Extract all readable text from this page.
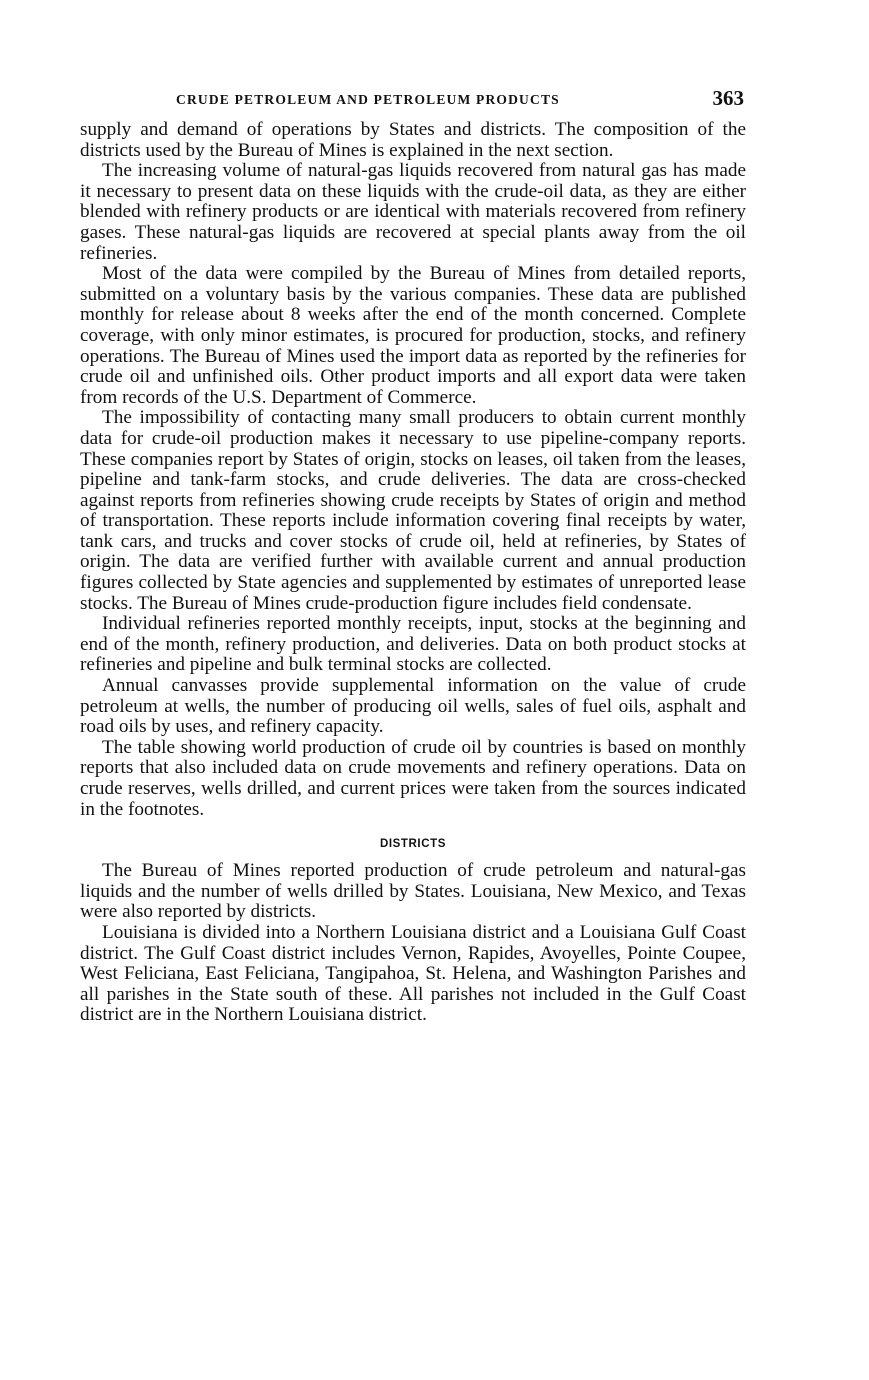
CRUDE PETROLEUM AND PETROLEUM PRODUCTS	363

supply and demand of operations by States and districts. The composition of the districts used by the Bureau of Mines is explained in the next section.

The increasing volume of natural-gas liquids recovered from natural gas has made it necessary to present data on these liquids with the crude-oil data, as they are either blended with refinery products or are identical with materials recovered from refinery gases. These natural-gas liquids are recovered at special plants away from the oil refineries.

Most of the data were compiled by the Bureau of Mines from detailed reports, submitted on a voluntary basis by the various companies. These data are published monthly for release about 8 weeks after the end of the month concerned. Complete coverage, with only minor estimates, is procured for production, stocks, and refinery operations. The Bureau of Mines used the import data as reported by the refineries for crude oil and unfinished oils. Other product imports and all export data were taken from records of the U.S. Department of Commerce.

The impossibility of contacting many small producers to obtain current monthly data for crude-oil production makes it necessary to use pipeline-company reports. These companies report by States of origin, stocks on leases, oil taken from the leases, pipeline and tank-farm stocks, and crude deliveries. The data are cross-checked against reports from refineries showing crude receipts by States of origin and method of transportation. These reports include information covering final receipts by water, tank cars, and trucks and cover stocks of crude oil, held at refineries, by States of origin. The data are verified further with available current and annual production figures collected by State agencies and supplemented by estimates of unreported lease stocks. The Bureau of Mines crude-production figure includes field condensate.

Individual refineries reported monthly receipts, input, stocks at the beginning and end of the month, refinery production, and deliveries. Data on both product stocks at refineries and pipeline and bulk terminal stocks are collected.

Annual canvasses provide supplemental information on the value of crude petroleum at wells, the number of producing oil wells, sales of fuel oils, asphalt and road oils by uses, and refinery capacity.

The table showing world production of crude oil by countries is based on monthly reports that also included data on crude movements and refinery operations. Data on crude reserves, wells drilled, and current prices were taken from the sources indicated in the footnotes.

DISTRICTS

The Bureau of Mines reported production of crude petroleum and natural-gas liquids and the number of wells drilled by States. Louisiana, New Mexico, and Texas were also reported by districts.

Louisiana is divided into a Northern Louisiana district and a Louisiana Gulf Coast district. The Gulf Coast district includes Vernon, Rapides, Avoyelles, Pointe Coupee, West Feliciana, East Feliciana, Tangipahoa, St. Helena, and Washington Parishes and all parishes in the State south of these. All parishes not included in the Gulf Coast district are in the Northern Louisiana district.
